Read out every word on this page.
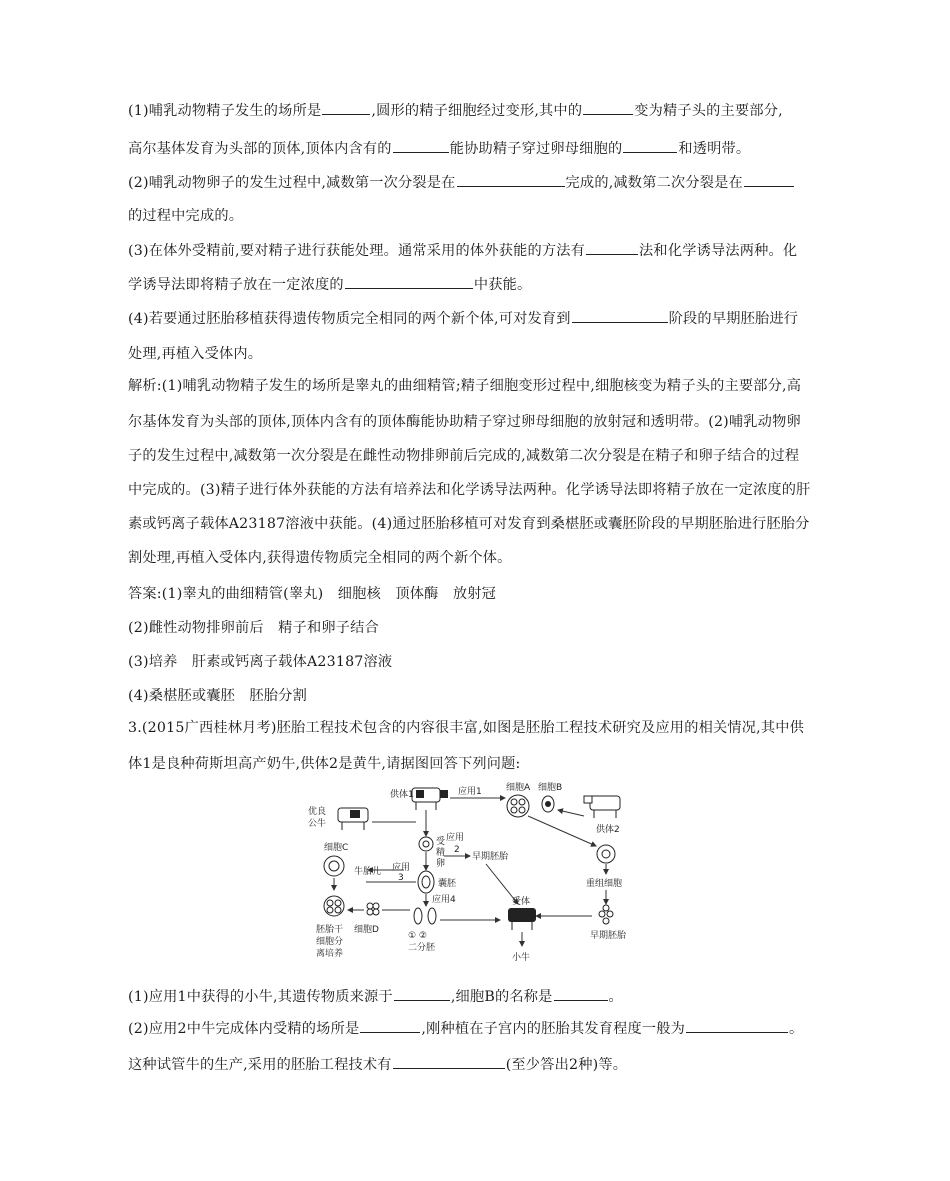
(1)哺乳动物精子发生的场所是	,圆形的精子细胞经过变形,其中的	变为精子头的主要部分,
高尔基体发育为头部的顶体,顶体内含有的	能协助精子穿过卵母细胞的	和透明带。
(2)哺乳动物卵子的发生过程中,减数第一次分裂是在	完成的,减数第二次分裂是在
的过程中完成的。
(3)在体外受精前,要对精子进行获能处理。通常采用的体外获能的方法有	法和化学诱导法两种。化
学诱导法即将精子放在一定浓度的	中获能。
(4)若要通过胚胎移植获得遗传物质完全相同的两个新个体,可对发育到	阶段的早期胚胎进行
处理,再植入受体内。
解析:(1)哺乳动物精子发生的场所是睾丸的曲细精管;精子细胞变形过程中,细胞核变为精子头的主要部分,高
尔基体发育为头部的顶体,顶体内含有的顶体酶能协助精子穿过卵母细胞的放射冠和透明带。(2)哺乳动物卵
子的发生过程中,减数第一次分裂是在雌性动物排卵前后完成的,减数第二次分裂是在精子和卵子结合的过程
中完成的。(3)精子进行体外获能的方法有培养法和化学诱导法两种。化学诱导法即将精子放在一定浓度的肝
素或钙离子载体A23187溶液中获能。(4)通过胚胎移植可对发育到桑椹胚或囊胚阶段的早期胚胎进行胚胎分
割处理,再植入受体内,获得遗传物质完全相同的两个新个体。
答案:(1)睾丸的曲细精管(睾丸)　细胞核　顶体酶　放射冠
(2)雌性动物排卵前后　精子和卵子结合
(3)培养　肝素或钙离子载体A23187溶液
(4)桑椹胚或囊胚　胚胎分割
3.(2015广西桂林月考)胚胎工程技术包含的内容很丰富,如图是胚胎工程技术研究及应用的相关情况,其中供
体1是良种荷斯坦高产奶牛,供体2是黄牛,请据图回答下列问题:
供体1	应用1	细胞A 细胞B
供体2
重组细胞
早期胚胎
优良
公牛
受
精
卵
应用
2
早期胚胎
囊胚
应用4
① ②
二分胚
受体
小牛
应用
3
牛胎儿
细胞C
胚胎干
细胞分
离培养
细胞D
(1)应用1中获得的小牛,其遗传物质来源于	,细胞B的名称是	。
(2)应用2中牛完成体内受精的场所是	,刚种植在子宫内的胚胎其发育程度一般为	。
这种试管牛的生产,采用的胚胎工程技术有	(至少答出2种)等。
